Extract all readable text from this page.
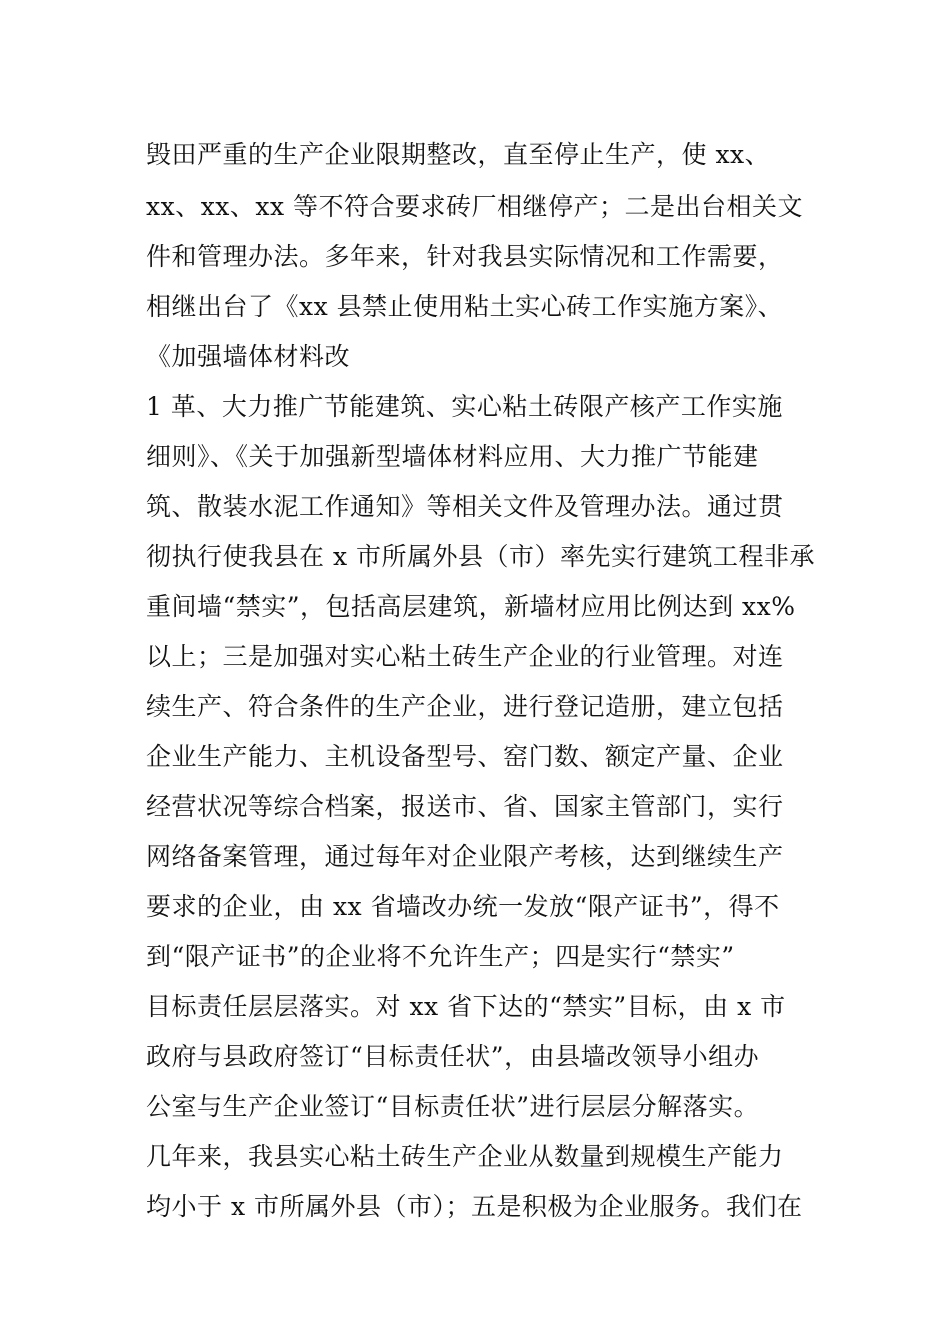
毁田严重的生产企业限期整改，直至停止生产，使 xx、
xx、xx、xx 等不符合要求砖厂相继停产；二是出台相关文
件和管理办法。多年来，针对我县实际情况和工作需要，
相继出台了《xx 县禁止使用粘土实心砖工作实施方案》、
《加强墙体材料改
1 革、大力推广节能建筑、实心粘土砖限产核产工作实施
细则》、《关于加强新型墙体材料应用、大力推广节能建
筑、散装水泥工作通知》等相关文件及管理办法。通过贯
彻执行使我县在 x 市所属外县（市）率先实行建筑工程非承
重间墙“禁实”，包括高层建筑，新墙材应用比例达到 xx%
以上；三是加强对实心粘土砖生产企业的行业管理。对连
续生产、符合条件的生产企业，进行登记造册，建立包括
企业生产能力、主机设备型号、窑门数、额定产量、企业
经营状况等综合档案，报送市、省、国家主管部门，实行
网络备案管理，通过每年对企业限产考核，达到继续生产
要求的企业，由 xx 省墙改办统一发放“限产证书”，得不
到“限产证书”的企业将不允许生产；四是实行“禁实”
目标责任层层落实。对 xx 省下达的“禁实”目标，由 x 市
政府与县政府签订“目标责任状”，由县墙改领导小组办
公室与生产企业签订“目标责任状”进行层层分解落实。
几年来，我县实心粘土砖生产企业从数量到规模生产能力
均小于 x 市所属外县（市）；五是积极为企业服务。我们在
